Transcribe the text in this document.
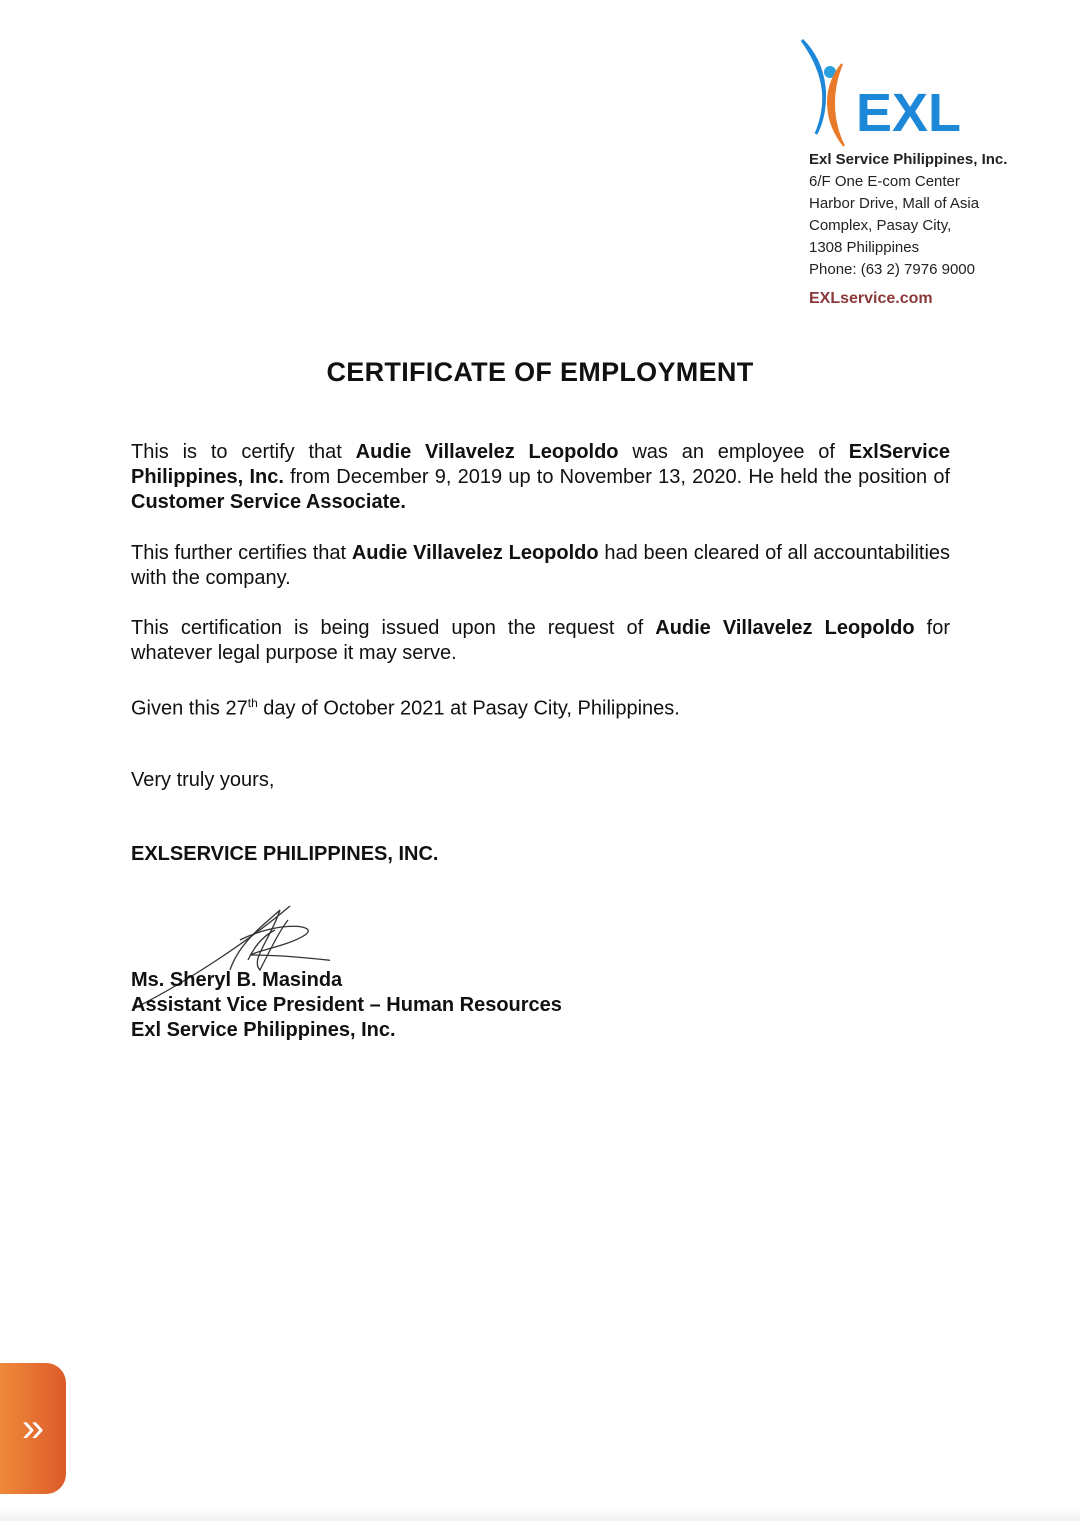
EXL
Exl Service Philippines, Inc.
6/F One E-com Center
Harbor Drive, Mall of Asia
Complex, Pasay City,
1308 Philippines
Phone: (63 2) 7976 9000
EXLservice.com
CERTIFICATE OF EMPLOYMENT
This is to certify that Audie Villavelez Leopoldo was an employee of ExlService Philippines, Inc. from December 9, 2019 up to November 13, 2020. He held the position of Customer Service Associate.
This further certifies that Audie Villavelez Leopoldo had been cleared of all accountabilities with the company.
This certification is being issued upon the request of Audie Villavelez Leopoldo for whatever legal purpose it may serve.
Given this 27th day of October 2021 at Pasay City, Philippines.
Very truly yours,
EXLSERVICE PHILIPPINES, INC.
Ms. Sheryl B. Masinda
Assistant Vice President – Human Resources
Exl Service Philippines, Inc.
»
